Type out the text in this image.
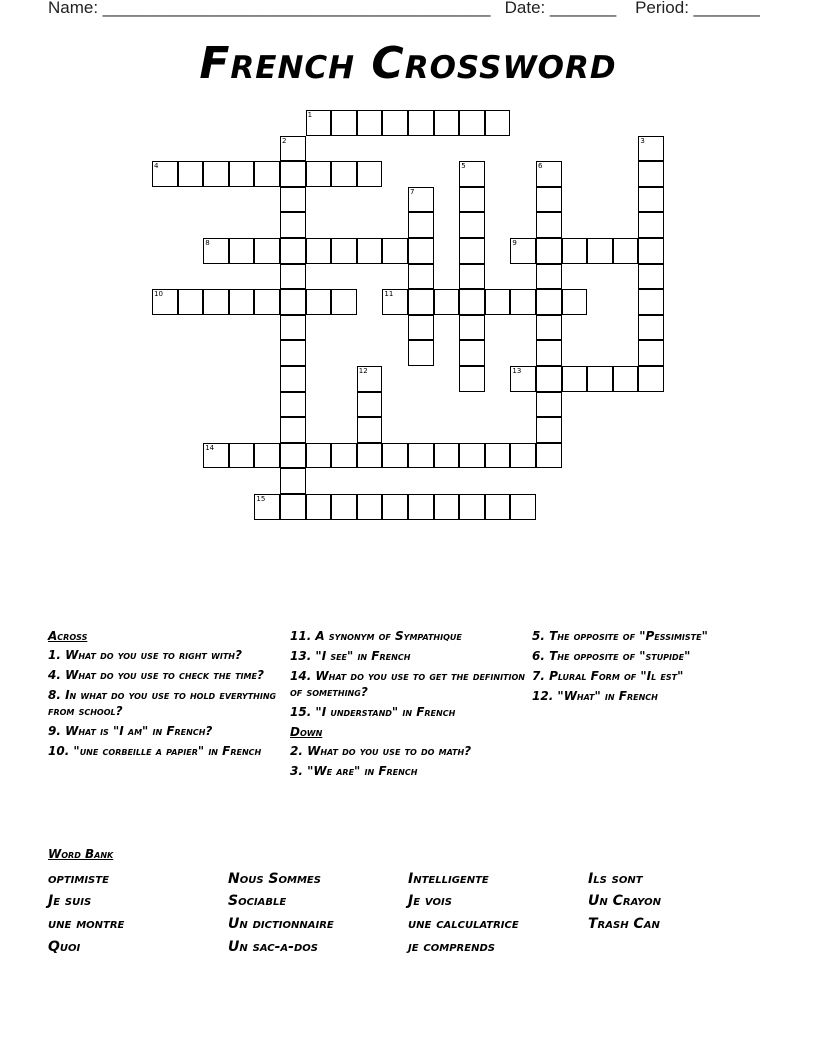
Name: _________________________________________ Date: _______ Period: _______
French Crossword
1
2	3
4	5	6
7
8	9
10	11
12	13
14
15
Across
1. What do you use to right with?
4. What do you use to check the time?
8. In what do you use to hold everything from school?
9. What is "I am" in French?
10. "une corbeille a papier" in French
11. A synonym of Sympathique
13. "I see" in French
14. What do you use to get the definition of something?
15. "I understand" in French
Down
2. What do you use to do math?
3. "We are" in French
5. The opposite of "Pessimiste"
6. The opposite of "stupide"
7. Plural Form of "Il est"
12. "What" in French
Word Bank
optimiste	Nous Sommes	Intelligente	Ils sont
Je suis	Sociable	Je vois	Un Crayon
une montre	Un dictionnaire	une calculatrice	Trash Can
Quoi	Un sac-a-dos	je comprends
